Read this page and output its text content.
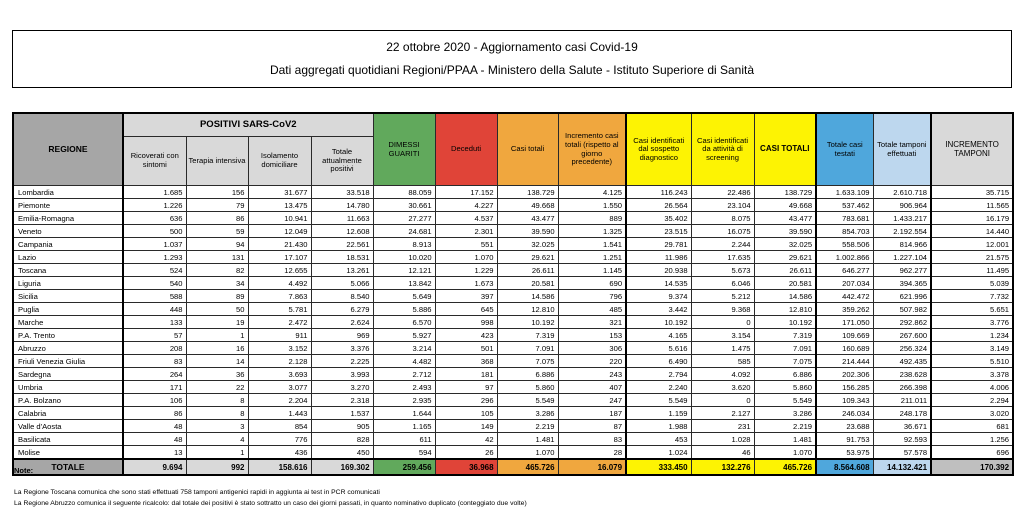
22 ottobre 2020 - Aggiornamento casi Covid-19
Dati aggregati quotidiani Regioni/PPAA - Ministero della Salute - Istituto Superiore di Sanità
REGIONE	POSITIVI SARS-CoV2				DIMESSI GUARITI	Deceduti	Casi totali	Incremento casi totali (rispetto al giorno precedente)	Casi identificati dal sospetto diagnostico	Casi identificati da attività di screening	CASI TOTALI	Totale casi testati	Totale tamponi effettuati	INCREMENTO TAMPONI
	Ricoverati con sintomi	Terapia intensiva	Isolamento domiciliare	Totale attualmente positivi										
Lombardia	1.685	156	31.677	33.518	88.059	17.152	138.729	4.125	116.243	22.486	138.729	1.633.109	2.610.718	35.715
Piemonte	1.226	79	13.475	14.780	30.661	4.227	49.668	1.550	26.564	23.104	49.668	537.462	906.964	11.565
Emilia-Romagna	636	86	10.941	11.663	27.277	4.537	43.477	889	35.402	8.075	43.477	783.681	1.433.217	16.179
Veneto	500	59	12.049	12.608	24.681	2.301	39.590	1.325	23.515	16.075	39.590	854.703	2.192.554	14.440
Campania	1.037	94	21.430	22.561	8.913	551	32.025	1.541	29.781	2.244	32.025	558.506	814.966	12.001
Lazio	1.293	131	17.107	18.531	10.020	1.070	29.621	1.251	11.986	17.635	29.621	1.002.866	1.227.104	21.575
Toscana	524	82	12.655	13.261	12.121	1.229	26.611	1.145	20.938	5.673	26.611	646.277	962.277	11.495
Liguria	540	34	4.492	5.066	13.842	1.673	20.581	690	14.535	6.046	20.581	207.034	394.365	5.039
Sicilia	588	89	7.863	8.540	5.649	397	14.586	796	9.374	5.212	14.586	442.472	621.996	7.732
Puglia	448	50	5.781	6.279	5.886	645	12.810	485	3.442	9.368	12.810	359.262	507.982	5.651
Marche	133	19	2.472	2.624	6.570	998	10.192	321	10.192	0	10.192	171.050	292.862	3.776
P.A. Trento	57	1	911	969	5.927	423	7.319	153	4.165	3.154	7.319	109.669	267.600	1.234
Abruzzo	208	16	3.152	3.376	3.214	501	7.091	306	5.616	1.475	7.091	160.689	256.324	3.149
Friuli Venezia Giulia	83	14	2.128	2.225	4.482	368	7.075	220	6.490	585	7.075	214.444	492.435	5.510
Sardegna	264	36	3.693	3.993	2.712	181	6.886	243	2.794	4.092	6.886	202.306	238.628	3.378
Umbria	171	22	3.077	3.270	2.493	97	5.860	407	2.240	3.620	5.860	156.285	266.398	4.006
P.A. Bolzano	106	8	2.204	2.318	2.935	296	5.549	247	5.549	0	5.549	109.343	211.011	2.294
Calabria	86	8	1.443	1.537	1.644	105	3.286	187	1.159	2.127	3.286	246.034	248.178	3.020
Valle d'Aosta	48	3	854	905	1.165	149	2.219	87	1.988	231	2.219	23.688	36.671	681
Basilicata	48	4	776	828	611	42	1.481	83	453	1.028	1.481	91.753	92.593	1.256
Molise	13	1	436	450	594	26	1.070	28	1.024	46	1.070	53.975	57.578	696
TOTALE	9.694	992	158.616	169.302	259.456	36.968	465.726	16.079	333.450	132.276	465.726	8.564.608	14.132.421	170.392
Note:
La Regione Toscana comunica che sono stati effettuati 758 tamponi antigenici rapidi in aggiunta ai test in PCR comunicati
La Regione Abruzzo comunica il seguente ricalcolo: dal totale dei positivi è stato sottratto un caso dei giorni passati, in quanto nominativo duplicato (conteggiato due volte)
